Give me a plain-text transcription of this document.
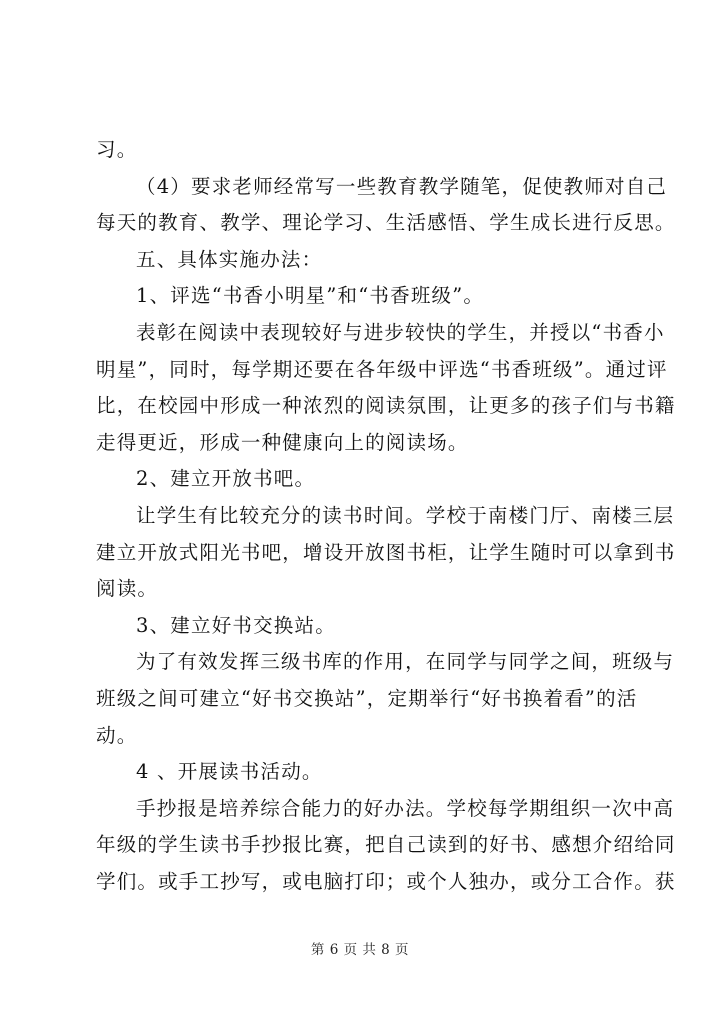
习。
（4）要求老师经常写一些教育教学随笔，促使教师对自己
每天的教育、教学、理论学习、生活感悟、学生成长进行反思。
五、具体实施办法：
1、评选“书香小明星”和“书香班级”。
表彰在阅读中表现较好与进步较快的学生，并授以“书香小
明星”，同时，每学期还要在各年级中评选“书香班级”。通过评
比，在校园中形成一种浓烈的阅读氛围，让更多的孩子们与书籍
走得更近，形成一种健康向上的阅读场。
2、建立开放书吧。
让学生有比较充分的读书时间。学校于南楼门厅、南楼三层
建立开放式阳光书吧，增设开放图书柜，让学生随时可以拿到书
阅读。
3、建立好书交换站。
为了有效发挥三级书库的作用，在同学与同学之间，班级与
班级之间可建立“好书交换站”，定期举行“好书换着看”的活
动。
4 、开展读书活动。
手抄报是培养综合能力的好办法。学校每学期组织一次中高
年级的学生读书手抄报比赛，把自己读到的好书、感想介绍给同
学们。或手工抄写，或电脑打印；或个人独办，或分工合作。获
第 6 页 共 8 页
